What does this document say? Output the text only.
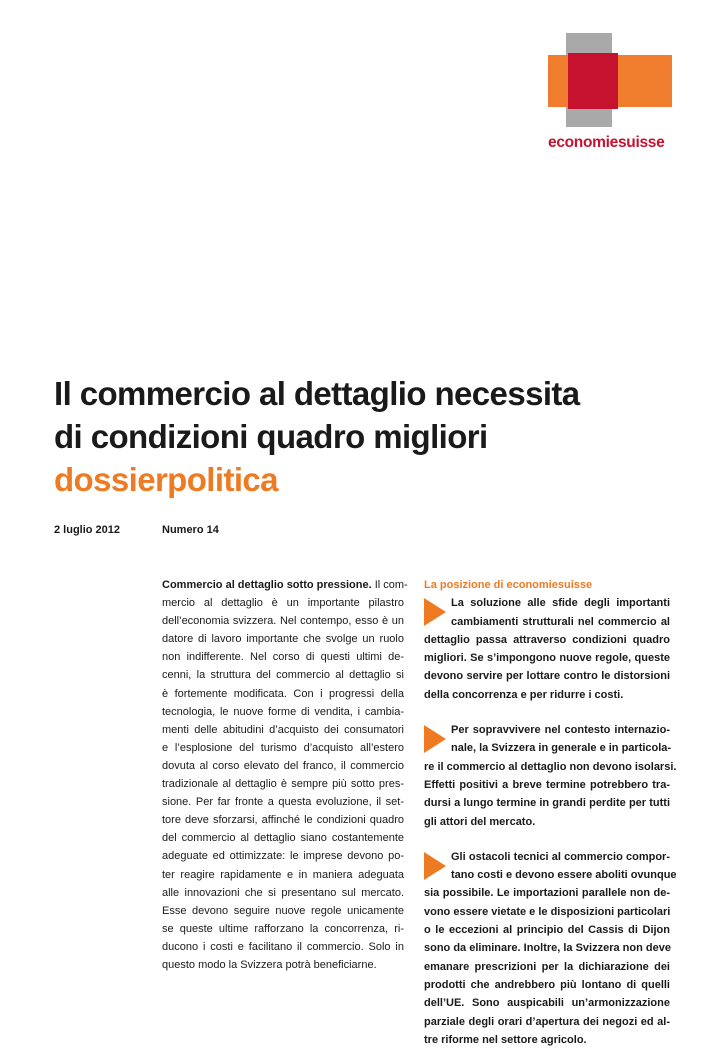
economiesuisse
Il commercio al dettaglio necessita
di condizioni quadro migliori
dossierpolitica
2 luglio 2012	Numero 14
Commercio al dettaglio sotto pressione. Il com-
mercio al dettaglio è un importante pilastro
dell’economia svizzera. Nel contempo, esso è un
datore di lavoro importante che svolge un ruolo
non indifferente. Nel corso di questi ultimi de-
cenni, la struttura del commercio al dettaglio si
è fortemente modificata. Con i progressi della
tecnologia, le nuove forme di vendita, i cambia-
menti delle abitudini d’acquisto dei consumatori
e l’esplosione del turismo d’acquisto all’estero
dovuta al corso elevato del franco, il commercio
tradizionale al dettaglio è sempre più sotto pres-
sione. Per far fronte a questa evoluzione, il set-
tore deve sforzarsi, affinché le condizioni quadro
del commercio al dettaglio siano costantemente
adeguate ed ottimizzate: le imprese devono po-
ter reagire rapidamente e in maniera adeguata
alle innovazioni che si presentano sul mercato.
Esse devono seguire nuove regole unicamente
se queste ultime rafforzano la concorrenza, ri-
ducono i costi e facilitano il commercio. Solo in
questo modo la Svizzera potrà beneficiarne.
La posizione di economiesuisse
La soluzione alle sfide degli importanti
cambiamenti strutturali nel commercio al
dettaglio passa attraverso condizioni quadro
migliori. Se s’impongono nuove regole, queste
devono servire per lottare contro le distorsioni
della concorrenza e per ridurre i costi.
Per sopravvivere nel contesto internazio-
nale, la Svizzera in generale e in particola-
re il commercio al dettaglio non devono isolarsi.
Effetti positivi a breve termine potrebbero tra-
dursi a lungo termine in grandi perdite per tutti
gli attori del mercato.
Gli ostacoli tecnici al commercio compor-
tano costi e devono essere aboliti ovunque
sia possibile. Le importazioni parallele non de-
vono essere vietate e le disposizioni particolari
o le eccezioni al principio del Cassis di Dijon
sono da eliminare. Inoltre, la Svizzera non deve
emanare prescrizioni per la dichiarazione dei
prodotti che andrebbero più lontano di quelli
dell’UE. Sono auspicabili un’armonizzazione
parziale degli orari d’apertura dei negozi ed al-
tre riforme nel settore agricolo.
